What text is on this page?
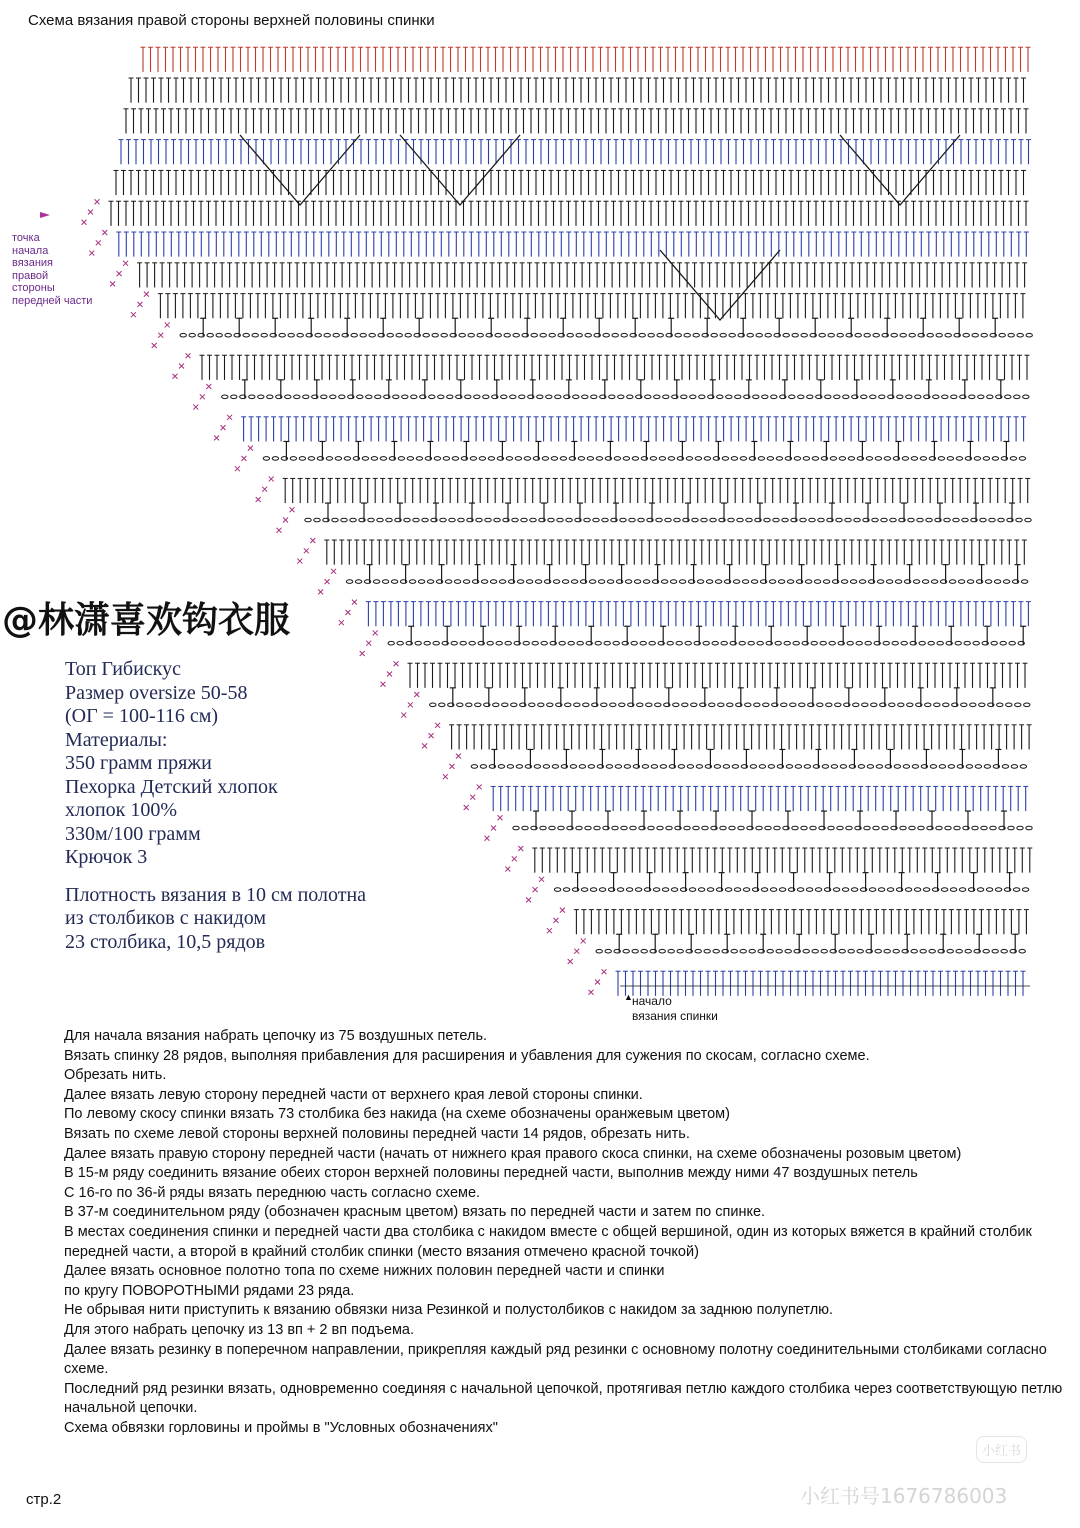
Схема вязания правой стороны верхней половины спинки
точка
начала
вязания
правой
стороны
передней части
@林潇喜欢钩衣服
Топ Гибискус
Размер oversize 50-58
(ОГ = 100-116 см)
Материалы:
350 грамм пряжи
Пехорка Детский хлопок
хлопок 100%
330м/100 грамм
Крючок 3
Плотность вязания в 10 см полотна
из столбиков с накидом
23 столбика, 10,5 рядов
▲ начало
вязания спинки

Для начала вязания набрать цепочку из 75 воздушных петель.

Вязать спинку 28 рядов, выполняя прибавления для расширения и убавления для сужения по скосам, согласно схеме.

Обрезать нить.

Далее вязать левую сторону передней части от верхнего края левой стороны спинки.

По левому скосу спинки вязать 73 столбика без накида (на схеме обозначены оранжевым цветом)

Вязать по схеме левой стороны верхней половины передней части 14 рядов, обрезать нить.

Далее вязать правую сторону передней части (начать от нижнего края правого скоса спинки, на схеме обозначены розовым цветом)

В 15-м ряду соединить вязание обеих сторон верхней половины передней части, выполнив между ними 47 воздушных петель

С 16-го по 36-й ряды вязать переднюю часть согласно схеме.

В 37-м соединительном ряду (обозначен красным цветом) вязать по передней части и затем по спинке.

В местах соединения спинки и передней части два столбика с накидом вместе с общей вершиной, один из которых вяжется в крайний столбик передней части, а второй в крайний столбик спинки (место вязания отмечено красной точкой)

Далее вязать основное полотно топа по схеме нижних половин передней части и спинки

по кругу ПОВОРОТНЫМИ рядами 23 ряда.

Не обрывая нити приступить к вязанию обвязки низа Резинкой и полустолбиков с накидом за заднюю полупетлю.

Для этого набрать цепочку из 13 вп + 2 вп подъема.

Далее вязать резинку в поперечном направлении, прикрепляя каждый ряд резинки с основному полотну соединительными столбиками согласно схеме.

Последний ряд резинки вязать, одновременно соединяя с начальной цепочкой, протягивая петлю каждого столбика через соответствующую петлю начальной цепочки.

Схема обвязки горловины и проймы в "Условных обозначениях"

стр.2
小红书
小红书号1676786003
